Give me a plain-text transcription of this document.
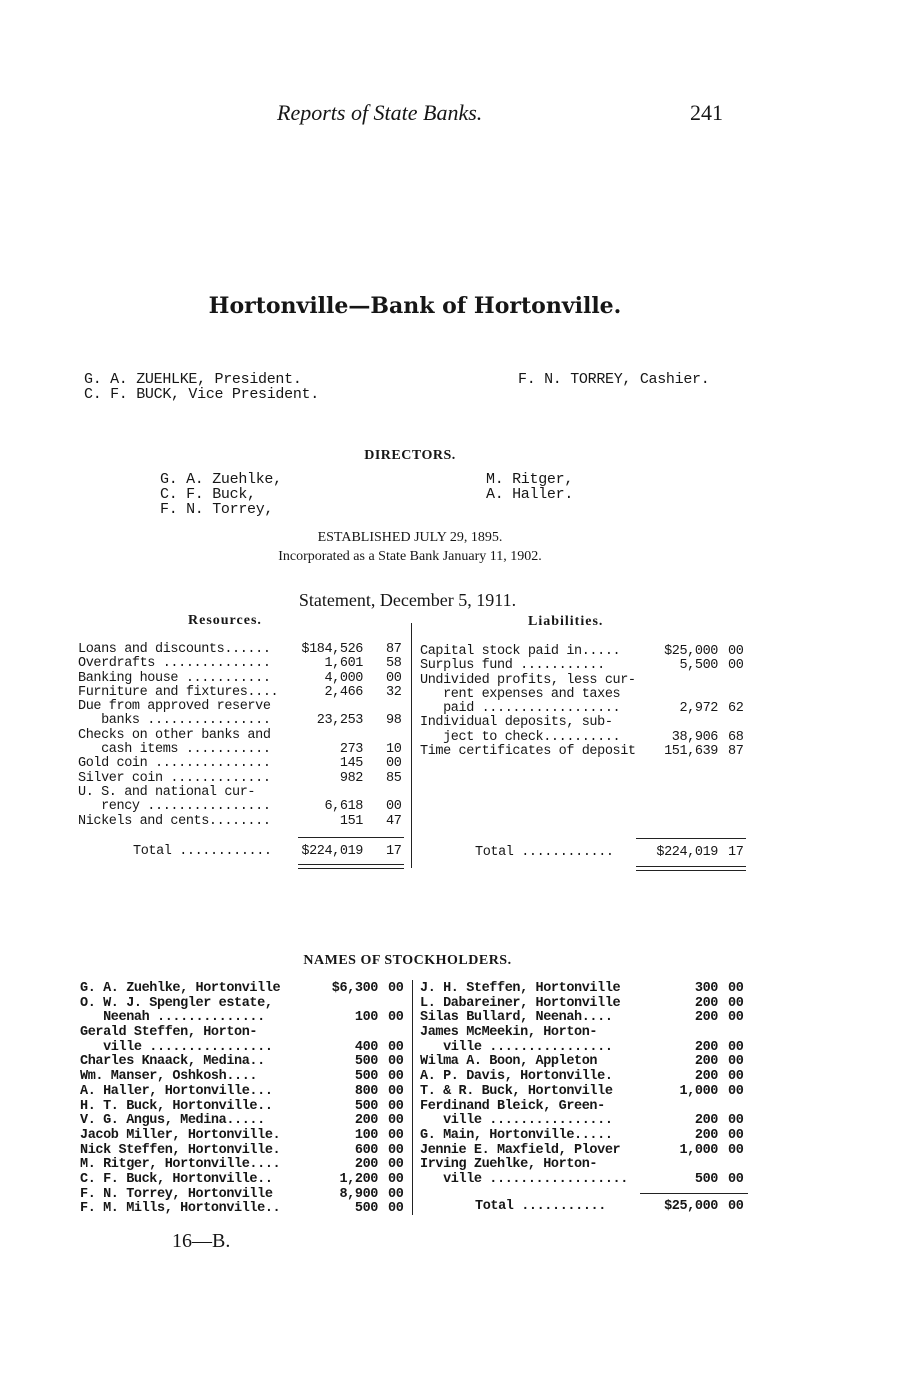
Reports of State Banks.	241
Hortonville—Bank of Hortonville.
G. A. ZUEHLKE, President.
C. F. BUCK, Vice President.
F. N. TORREY, Cashier.
DIRECTORS.
G. A. Zuehlke,
C. F. Buck,
F. N. Torrey,
M. Ritger,
A. Haller.
ESTABLISHED JULY 29, 1895.
Incorporated as a State Bank January 11, 1902.
Statement, December 5, 1911.
Resources.	Liabilities.
Loans and discounts...... $184,526 87
Overdrafts ..............	1,601 58
Banking house ...........	4,000 00
Furniture and fixtures....	2,466 32
Due from approved reserve
banks ................	23,253 98
Checks on other banks and
cash items ...........	273 10
Gold coin ...............	145 00
Silver coin .............	982 85
U. S. and national cur-
rency ................	6,618 00
Nickels and cents........	151 47
Total ............ $224,019 17
Capital stock paid in.....	$25,000 00
Surplus fund ...........	5,500 00
Undivided profits, less cur-
rent expenses and taxes
paid ..................	2,972 62
Individual deposits, sub-
ject to check..........	38,906 68
Time certificates of deposit 151,639 87
Total ............	$224,019 17
NAMES OF STOCKHOLDERS.
G. A. Zuehlke, Hortonville	$6,300 00
O. W. J. Spengler estate,
Neenah ..............	100 00
Gerald Steffen, Horton-
ville ................	400 00
Charles Knaack, Medina..	500 00
Wm. Manser, Oshkosh....	500 00
A. Haller, Hortonville...	800 00
H. T. Buck, Hortonville..	500 00
V. G. Angus, Medina.....	200 00
Jacob Miller, Hortonville.	100 00
Nick Steffen, Hortonville.	600 00
M. Ritger, Hortonville....	200 00
C. F. Buck, Hortonville..	1,200 00
F. N. Torrey, Hortonville	8,900 00
F. M. Mills, Hortonville..	500 00
J. H. Steffen, Hortonville	300 00
L. Dabareiner, Hortonville	200 00
Silas Bullard, Neenah....	200 00
James McMeekin, Horton-
ville ................	200 00
Wilma A. Boon, Appleton	200 00
A. P. Davis, Hortonville.	200 00
T. & R. Buck, Hortonville	1,000 00
Ferdinand Bleick, Green-
ville ................	200 00
G. Main, Hortonville.....	200 00
Jennie E. Maxfield, Plover	1,000 00
Irving Zuehlke, Horton-
ville ..................	500 00
Total ...........	$25,000 00
16—B.
